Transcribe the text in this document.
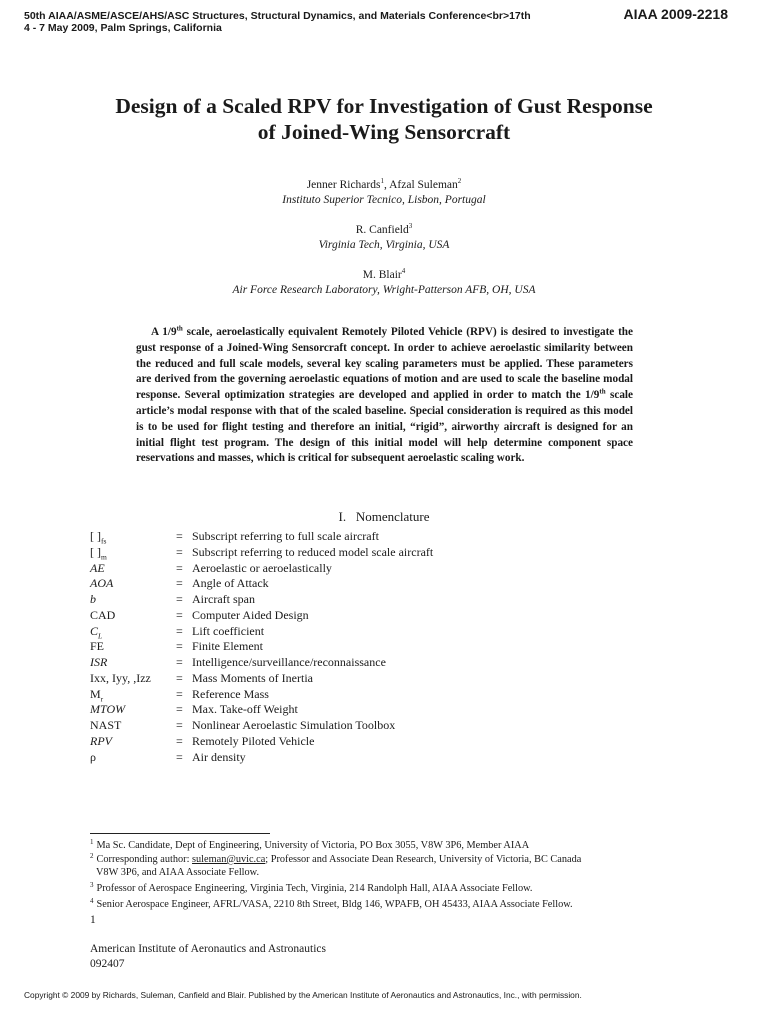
50th AIAA/ASME/ASCE/AHS/ASC Structures, Structural Dynamics, and Materials Conference<br>17th
4 - 7 May 2009, Palm Springs, California
AIAA 2009-2218
Design of a Scaled RPV for Investigation of Gust Response
of Joined-Wing Sensorcraft
Jenner Richards$^1$, Afzal Suleman$^2$
Instituto Superior Tecnico, Lisbon, Portugal
R. Canfield$^3$
Virginia Tech, Virginia, USA
M. Blair$^4$
Air Force Research Laboratory, Wright-Patterson AFB, OH, USA

A 1/9th scale, aeroelastically equivalent Remotely Piloted Vehicle (RPV) is desired to investigate the gust response of a Joined-Wing Sensorcraft concept. In order to achieve aeroelastic similarity between the reduced and full scale models, several key scaling parameters must be applied. These parameters are derived from the governing aeroelastic equations of motion and are used to scale the baseline modal response. Several optimization strategies are developed and applied in order to match the 1/9th scale article’s modal response with that of the scaled baseline. Special consideration is required as this model is to be used for flight testing and therefore an initial, “rigid”, airworthy aircraft is designed for an initial flight test program. The design of this initial model will help determine component space reservations and masses, which is critical for subsequent aeroelastic scaling work.

I. Nomenclature
[ ]$_{fs}$	= Subscript referring to full scale aircraft
[ ]$_m$	= Subscript referring to reduced model scale aircraft
AE	= Aeroelastic or aeroelastically
AOA	= Angle of Attack
b	= Aircraft span
CAD	= Computer Aided Design
$C_L$	= Lift coefficient
FE	= Finite Element
ISR	= Intelligence/surveillance/reconnaissance
Ixx, Iyy, ,Izz = Mass Moments of Inertia
$M_r$	= Reference Mass
MTOW	= Max. Take-off Weight
NAST	= Nonlinear Aeroelastic Simulation Toolbox
RPV	= Remotely Piloted Vehicle
ρ	= Air density
$^1$ Ma Sc. Candidate, Dept of Engineering, University of Victoria, PO Box 3055, V8W 3P6, Member AIAA
$^2$ Corresponding author: suleman@uvic.ca; Professor and Associate Dean Research, University of Victoria, BC Canada
V8W 3P6, and AIAA Associate Fellow.
$^3$ Professor of Aerospace Engineering, Virginia Tech, Virginia, 214 Randolph Hall, AIAA Associate Fellow.
$^4$ Senior Aerospace Engineer, AFRL/VASA, 2210 8th Street, Bldg 146, WPAFB, OH 45433, AIAA Associate Fellow.
1
American Institute of Aeronautics and Astronautics
092407
Copyright © 2009 by Richards, Suleman, Canfield and Blair. Published by the American Institute of Aeronautics and Astronautics, Inc., with permission.
